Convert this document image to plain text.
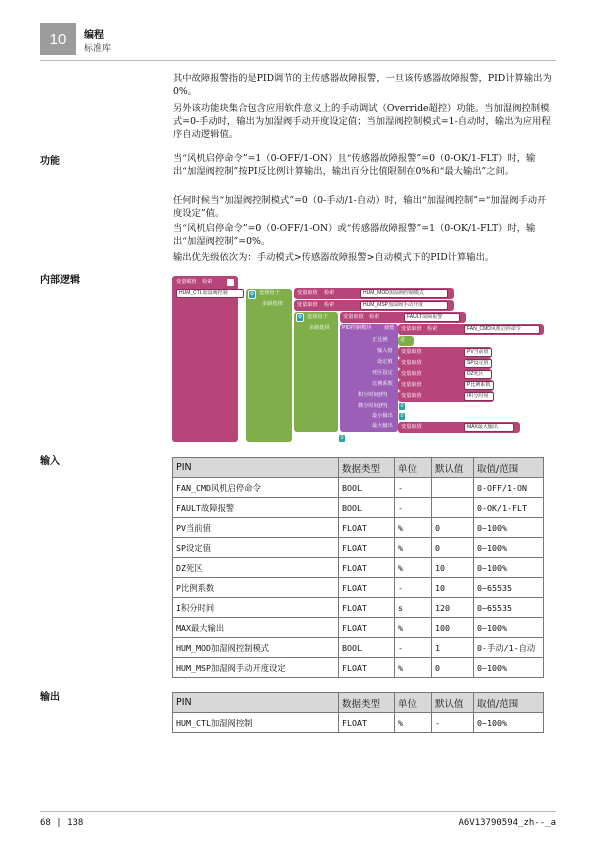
10	编程
标准库
其中故障报警指的是PID调节的主传感器故障报警，一旦该传感器故障报警，PID计算输出为0%。
另外该功能块集合包含应用软件意义上的手动调试（Override超控）功能。当加湿阀控制模式=0-手动时，输出为加湿阀手动开度设定值；当加湿阀控制模式=1-自动时，输出为应用程序自动逻辑值。
功能	当“风机启停命令”=1（0-OFF/1-ON）且“传感器故障报警”=0（0-OK/1-FLT）时，输出“加湿阀控制”按PI反比例计算输出，输出百分比值限制在0%和“最大输出”之间。
任何时候当“加湿阀控制模式”=0（0-手动/1-自动）时，输出“加湿阀控制”=“加湿阀手动开度设定”值。
当“风机启停命令”=0（0-OFF/1-ON）或“传感器故障报警”=1（0-OK/1-FLT）时，输出“加湿阀控制”=0%。
输出优先级依次为：手动模式>传感器故障报警>自动模式下的PID计算输出。
内部逻辑	变量赋值 检索
HUM_CTL加湿阀控制	⚙ 选择因子
多路选择
变量取值 检索	HUM_MOD加湿阀控制模式
变量取值 检索	HUM_MSP加湿阀手动开度
⚙ 选择因子
多路选择
变量取值 检索	FAULT故障报警
PID控制模块 使能 变量取值 检索	FAN_CMD风机启停命令
正比例 是
输入值 变量取值	PV当前值
设定值 变量取值	SP设定值
死区设定 变量取值	DZ死区
比例系数 变量取值	P比例系数
积分时间(秒)	变量取值	I积分时间
微分时间(秒)	0
最小输出	0
最大输出 变量取值	MAX最大输出
0
输入
PIN	数据类型	单位	默认值	取值/范围
FAN_CMD风机启停命令	BOOL	-		0-OFF/1-ON
FAULT故障报警	BOOL	-		0-OK/1-FLT
PV当前值	FLOAT	%	0	0~100%
SP设定值	FLOAT	%	0	0~100%
DZ死区	FLOAT	%	10	0~100%
P比例系数	FLOAT	-	10	0~65535
I积分时间	FLOAT	s	120	0~65535
MAX最大输出	FLOAT	%	100	0~100%
HUM_MOD加湿阀控制模式	BOOL	-	1	0-手动/1-自动
HUM_MSP加湿阀手动开度设定	FLOAT	%	0	0~100%
输出	PIN	数据类型	单位	默认值	取值/范围
HUM_CTL加湿阀控制	FLOAT	%	-	0~100%
68 | 138	A6V13790594_zh--_a
